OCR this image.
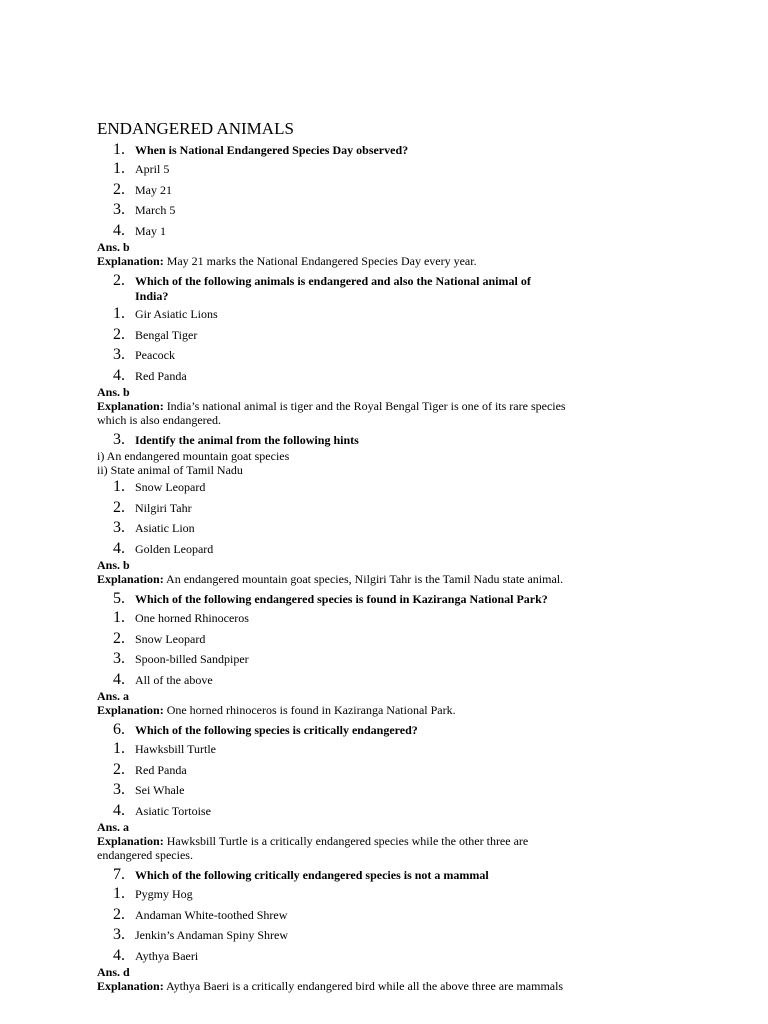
ENDANGERED ANIMALS
1. When is National Endangered Species Day observed?
1. April 5
2. May 21
3. March 5
4. May 1
Ans. b
Explanation: May 21 marks the National Endangered Species Day every year.
2. Which of the following animals is endangered and also the National animal of India?
1. Gir Asiatic Lions
2. Bengal Tiger
3. Peacock
4. Red Panda
Ans. b
Explanation: India’s national animal is tiger and the Royal Bengal Tiger is one of its rare species which is also endangered.
3. Identify the animal from the following hints
i) An endangered mountain goat species
ii) State animal of Tamil Nadu
1. Snow Leopard
2. Nilgiri Tahr
3. Asiatic Lion
4. Golden Leopard
Ans. b
Explanation: An endangered mountain goat species, Nilgiri Tahr is the Tamil Nadu state animal.
5. Which of the following endangered species is found in Kaziranga National Park?
1. One horned Rhinoceros
2. Snow Leopard
3. Spoon-billed Sandpiper
4. All of the above
Ans. a
Explanation: One horned rhinoceros is found in Kaziranga National Park.
6. Which of the following species is critically endangered?
1. Hawksbill Turtle
2. Red Panda
3. Sei Whale
4. Asiatic Tortoise
Ans. a
Explanation: Hawksbill Turtle is a critically endangered species while the other three are endangered species.
7. Which of the following critically endangered species is not a mammal
1. Pygmy Hog
2. Andaman White-toothed Shrew
3. Jenkin’s Andaman Spiny Shrew
4. Aythya Baeri
Ans. d
Explanation: Aythya Baeri is a critically endangered bird while all the above three are mammals
